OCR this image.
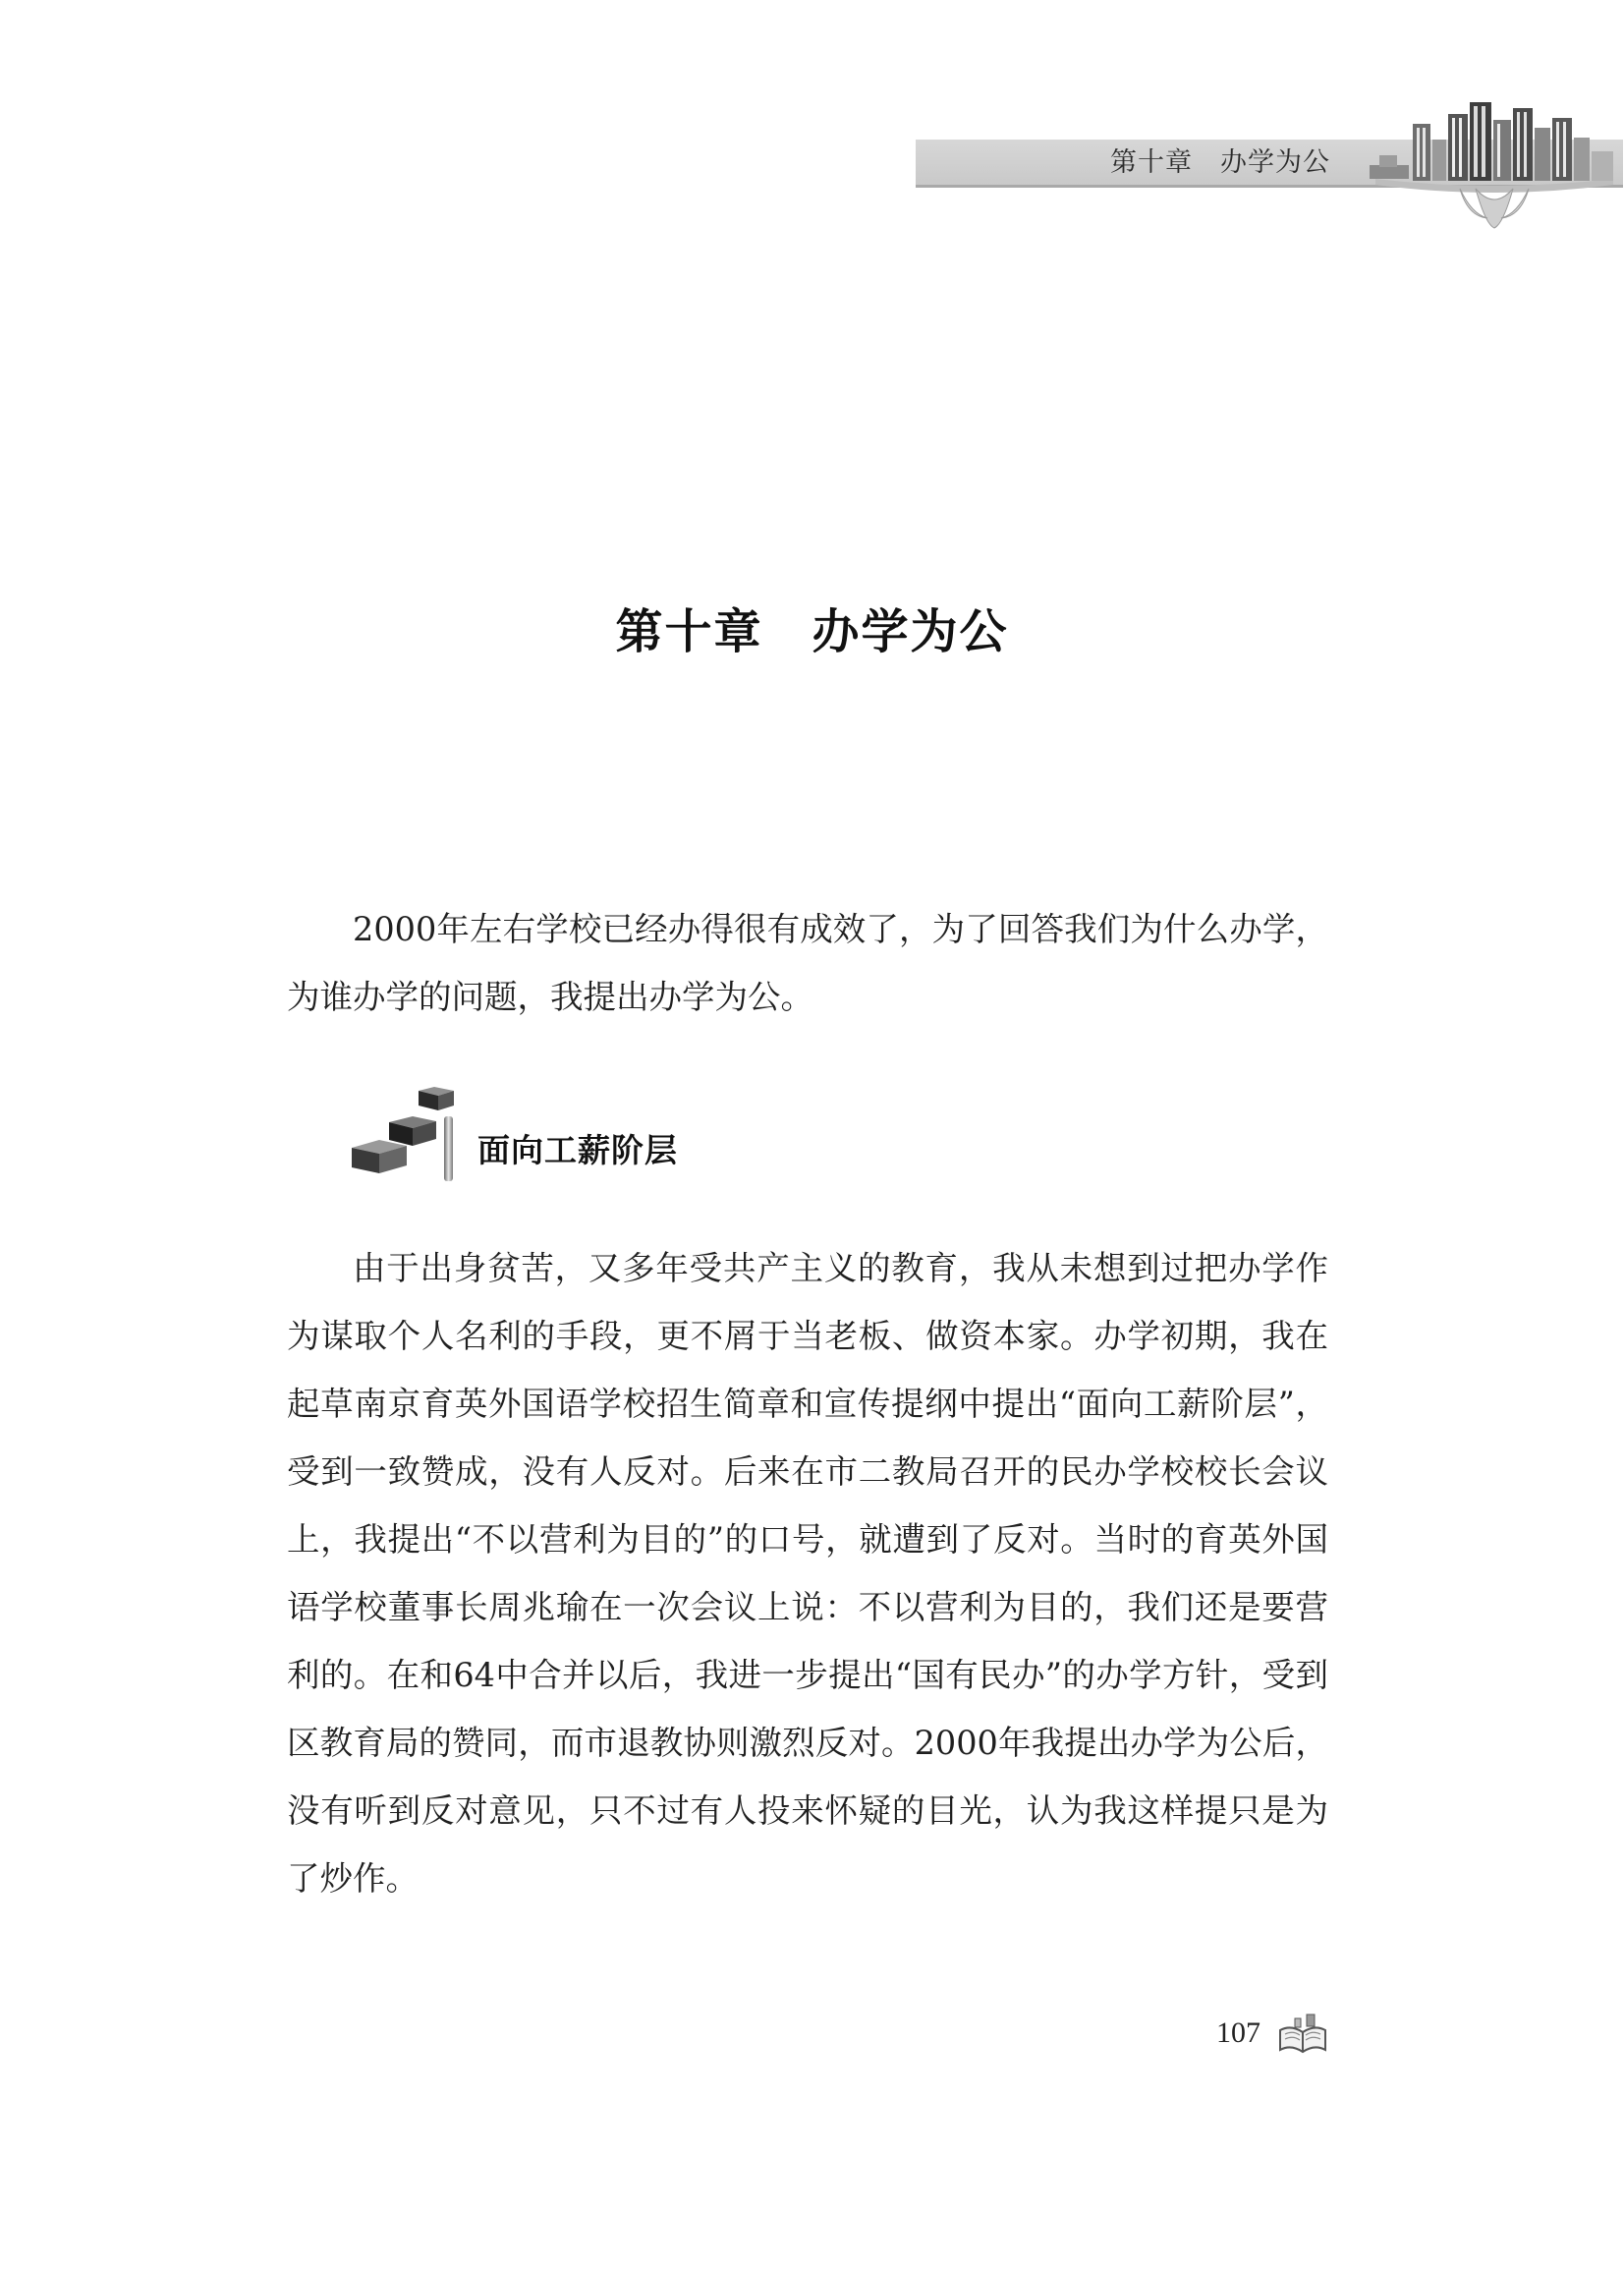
第十章　办学为公
第十章　办学为公

2000年左右学校已经办得很有成效了，为了回答我们为什么办学，为谁办学的问题，我提出办学为公。

面向工薪阶层

由于出身贫苦，又多年受共产主义的教育，我从未想到过把办学作为谋取个人名利的手段，更不屑于当老板、做资本家。办学初期，我在起草南京育英外国语学校招生简章和宣传提纲中提出“面向工薪阶层”，受到一致赞成，没有人反对。后来在市二教局召开的民办学校校长会议上，我提出“不以营利为目的”的口号，就遭到了反对。当时的育英外国语学校董事长周兆瑜在一次会议上说：不以营利为目的，我们还是要营利的。在和64中合并以后，我进一步提出“国有民办”的办学方针，受到区教育局的赞同，而市退教协则激烈反对。2000年我提出办学为公后，没有听到反对意见，只不过有人投来怀疑的目光，认为我这样提只是为了炒作。

107
